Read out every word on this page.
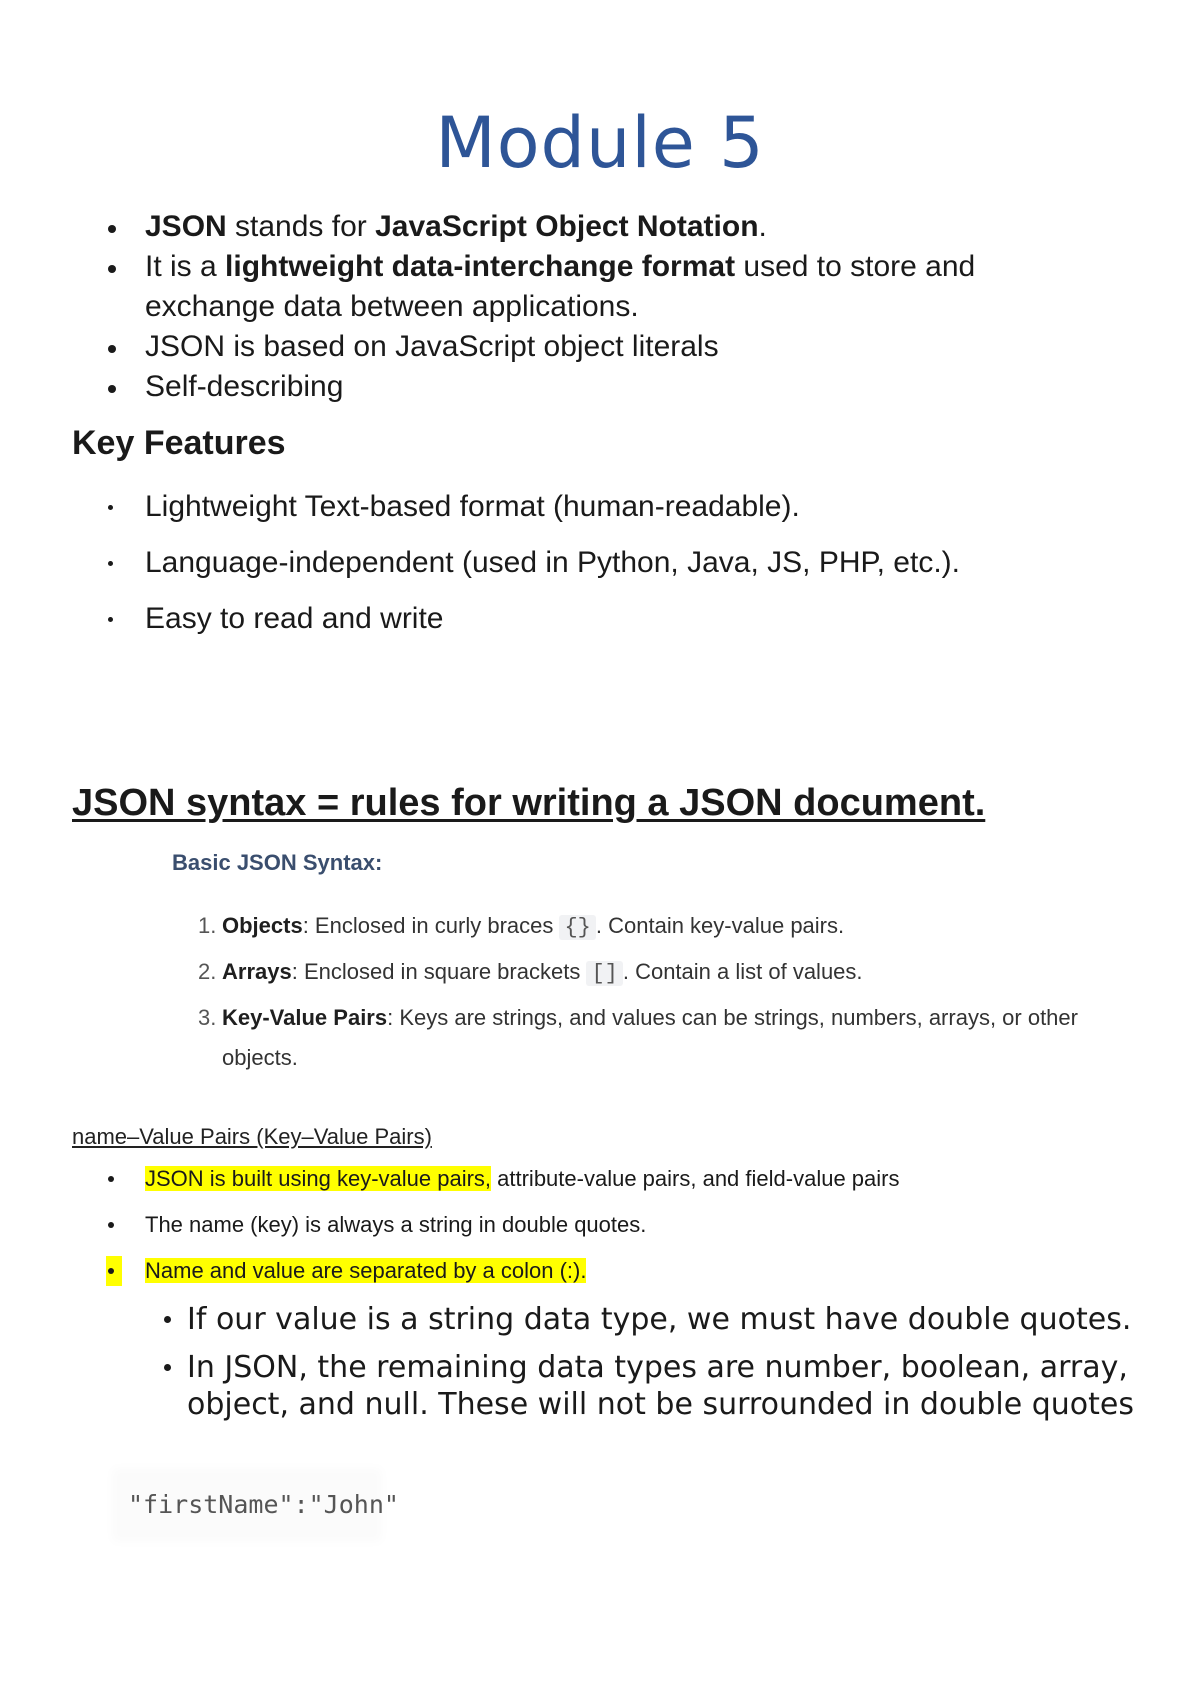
Module 5
JSON stands for JavaScript Object Notation.
It is a lightweight data-interchange format used to store and exchange data between applications.
JSON is based on JavaScript object literals
Self-describing
Key Features
Lightweight Text-based format (human-readable).
Language-independent (used in Python, Java, JS, PHP, etc.).
Easy to read and write
JSON syntax = rules for writing a JSON document.
Basic JSON Syntax:
1. Objects: Enclosed in curly braces {} . Contain key-value pairs.
2. Arrays: Enclosed in square brackets [] . Contain a list of values.
3. Key-Value Pairs: Keys are strings, and values can be strings, numbers, arrays, or other objects.
name–Value Pairs (Key–Value Pairs)
JSON is built using key-value pairs, attribute-value pairs, and field-value pairs
The name (key) is always a string in double quotes.
Name and value are separated by a colon (:).
If our value is a string data type, we must have double quotes.
In JSON, the remaining data types are number, boolean, array, object, and null. These will not be surrounded in double quotes
"firstName":"John"
